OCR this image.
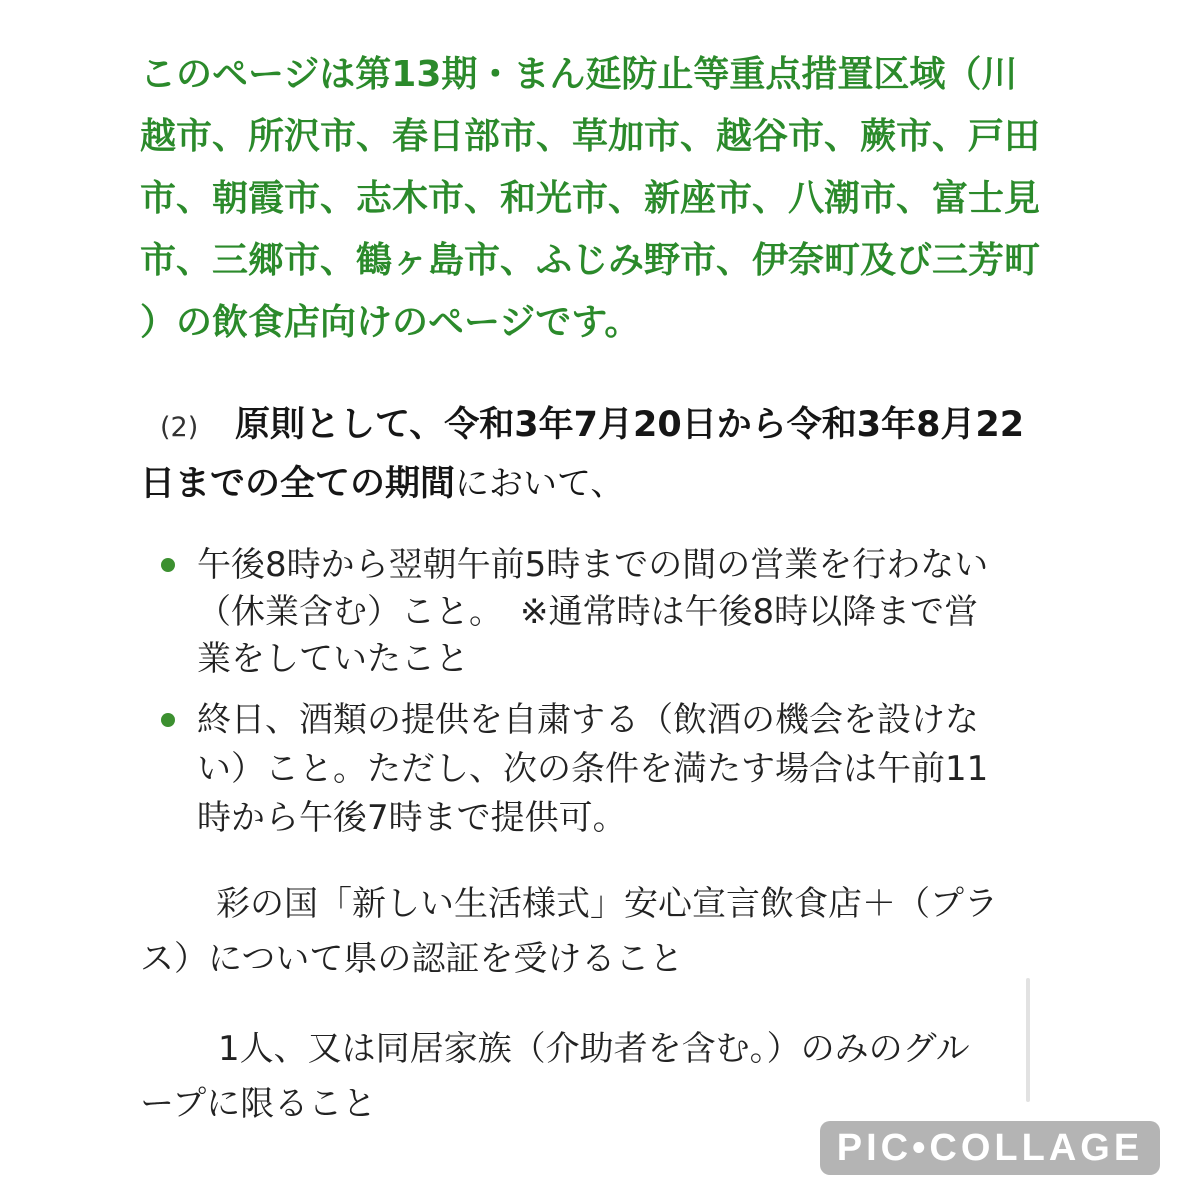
このページは第13期・まん延防止等重点措置区域（川
越市、所沢市、春日部市、草加市、越谷市、蕨市、戸田
市、朝霞市、志木市、和光市、新座市、八潮市、富士見
市、三郷市、鶴ヶ島市、ふじみ野市、伊奈町及び三芳町
）の飲食店向けのページです。
(2) 原則として、令和3年7月20日から令和3年8月22
日までの全ての期間において、
午後8時から翌朝午前5時までの間の営業を行わない
（休業含む）こと。　※通常時は午後8時以降まで営
業をしていたこと
終日、酒類の提供を自粛する（飲酒の機会を設けな
い）こと。ただし、次の条件を満たす場合は午前11
時から午後7時まで提供可。
彩の国「新しい生活様式」安心宣言飲食店＋（プラ
ス）について県の認証を受けること
1人、又は同居家族（介助者を含む。）のみのグル
ープに限ること
PIC•COLLAGE
